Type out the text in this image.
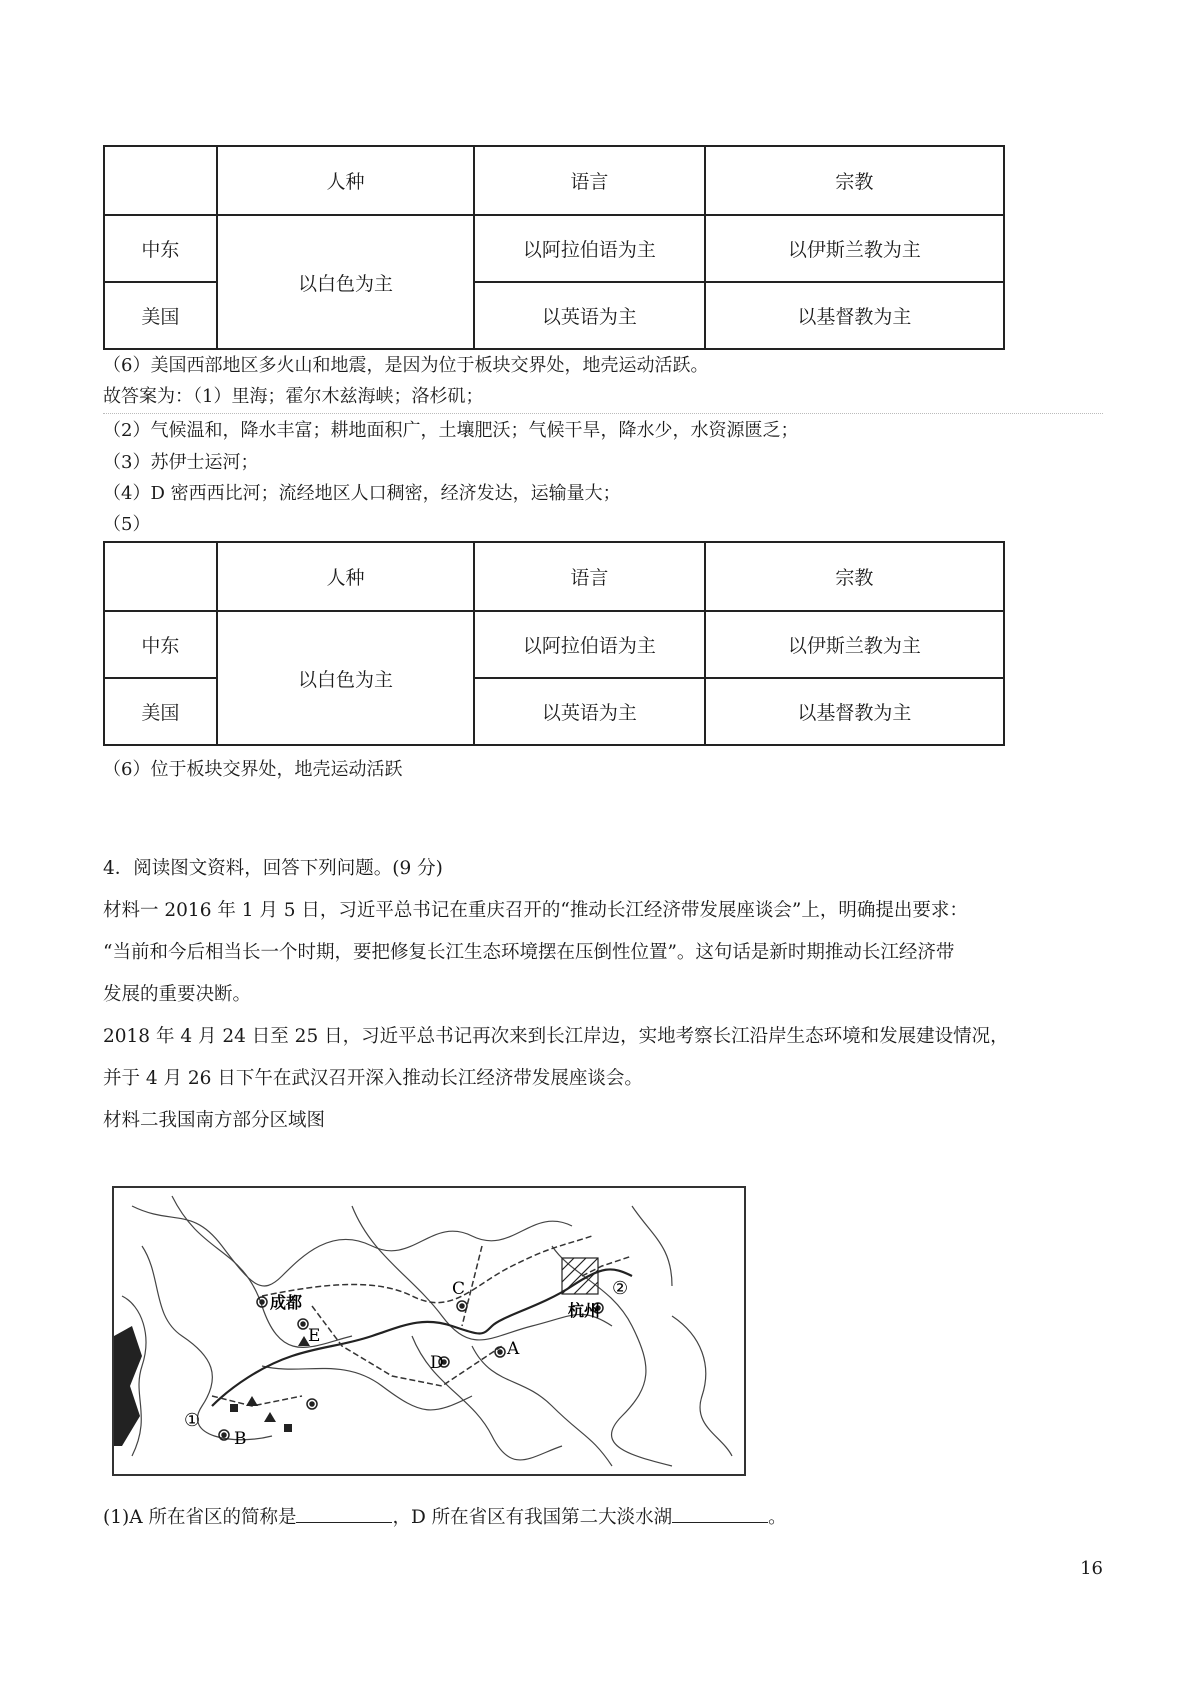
	人种	语言	宗教
中东	以白色为主	以阿拉伯语为主	以伊斯兰教为主
美国		以英语为主	以基督教为主
（6）美国西部地区多火山和地震，是因为位于板块交界处，地壳运动活跃。
故答案为：（1）里海；霍尔木兹海峡；洛杉矶；
（2）气候温和，降水丰富；耕地面积广，土壤肥沃；气候干旱，降水少，水资源匮乏；
（3）苏伊士运河；
（4）D 密西西比河；流经地区人口稠密，经济发达，运输量大；
（5）
	人种	语言	宗教
中东	以白色为主	以阿拉伯语为主	以伊斯兰教为主
美国		以英语为主	以基督教为主
（6）位于板块交界处，地壳运动活跃
4．阅读图文资料，回答下列问题。(9 分)
材料一 2016 年 1 月 5 日，习近平总书记在重庆召开的“推动长江经济带发展座谈会”上，明确提出要求：
“当前和今后相当长一个时期，要把修复长江生态环境摆在压倒性位置”。这句话是新时期推动长江经济带
发展的重要决断。
2018 年 4 月 24 日至 25 日，习近平总书记再次来到长江岸边，实地考察长江沿岸生态环境和发展建设情况，
并于 4 月 26 日下午在武汉召开深入推动长江经济带发展座谈会。
材料二我国南方部分区域图
成都	杭州
A
B
C
D
E
①
②
(1)A 所在省区的简称是	，D 所在省区有我国第二大淡水湖	。
16
